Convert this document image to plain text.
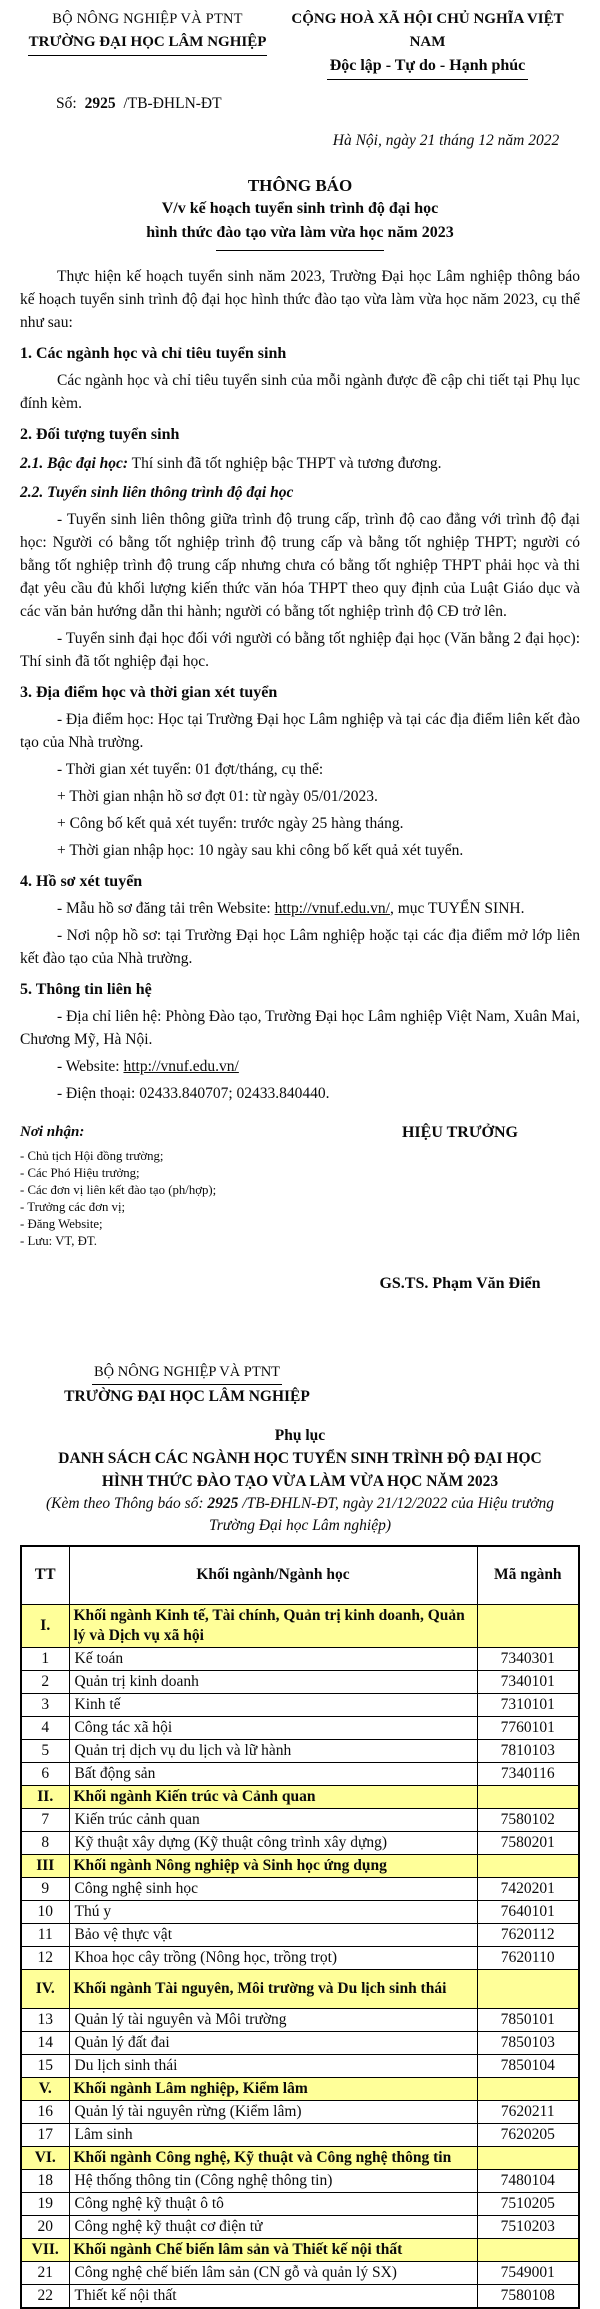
BỘ NÔNG NGHIỆP VÀ PTNT
TRƯỜNG ĐẠI HỌC LÂM NGHIỆP
CỘNG HOÀ XÃ HỘI CHỦ NGHĨA VIỆT NAM
Độc lập - Tự do - Hạnh phúc
Số: 2925 /TB-ĐHLN-ĐT
Hà Nội, ngày 21 tháng 12 năm 2022
THÔNG BÁO
V/v kế hoạch tuyển sinh trình độ đại học
hình thức đào tạo vừa làm vừa học năm 2023

Thực hiện kế hoạch tuyển sinh năm 2023, Trường Đại học Lâm nghiệp thông báo kế hoạch tuyển sinh trình độ đại học hình thức đào tạo vừa làm vừa học năm 2023, cụ thể như sau:

1. Các ngành học và chỉ tiêu tuyển sinh

Các ngành học và chỉ tiêu tuyển sinh của mỗi ngành được đề cập chi tiết tại Phụ lục đính kèm.

2. Đối tượng tuyển sinh

2.1. Bậc đại học: Thí sinh đã tốt nghiệp bậc THPT và tương đương.

2.2. Tuyển sinh liên thông trình độ đại học

- Tuyển sinh liên thông giữa trình độ trung cấp, trình độ cao đẳng với trình độ đại học: Người có bằng tốt nghiệp trình độ trung cấp và bằng tốt nghiệp THPT; người có bằng tốt nghiệp trình độ trung cấp nhưng chưa có bằng tốt nghiệp THPT phải học và thi đạt yêu cầu đủ khối lượng kiến thức văn hóa THPT theo quy định của Luật Giáo dục và các văn bản hướng dẫn thi hành; người có bằng tốt nghiệp trình độ CĐ trở lên.

- Tuyển sinh đại học đối với người có bằng tốt nghiệp đại học (Văn bằng 2 đại học): Thí sinh đã tốt nghiệp đại học.

3. Địa điểm học và thời gian xét tuyển

- Địa điểm học: Học tại Trường Đại học Lâm nghiệp và tại các địa điểm liên kết đào tạo của Nhà trường.

- Thời gian xét tuyển: 01 đợt/tháng, cụ thể:

+ Thời gian nhận hồ sơ đợt 01: từ ngày 05/01/2023.

+ Công bố kết quả xét tuyển: trước ngày 25 hàng tháng.

+ Thời gian nhập học: 10 ngày sau khi công bố kết quả xét tuyển.

4. Hồ sơ xét tuyển

- Mẫu hồ sơ đăng tải trên Website: http://vnuf.edu.vn/, mục TUYỂN SINH.

- Nơi nộp hồ sơ: tại Trường Đại học Lâm nghiệp hoặc tại các địa điểm mở lớp liên kết đào tạo của Nhà trường.

5. Thông tin liên hệ

- Địa chỉ liên hệ: Phòng Đào tạo, Trường Đại học Lâm nghiệp Việt Nam, Xuân Mai, Chương Mỹ, Hà Nội.

- Website: http://vnuf.edu.vn/

- Điện thoại: 02433.840707; 02433.840440.

Nơi nhận:
- Chủ tịch Hội đồng trường;
- Các Phó Hiệu trưởng;
- Các đơn vị liên kết đào tạo (ph/hợp);
- Trưởng các đơn vị;
- Đăng Website;
- Lưu: VT, ĐT.
HIỆU TRƯỞNG
GS.TS. Phạm Văn Điển
BỘ NÔNG NGHIỆP VÀ PTNT
TRƯỜNG ĐẠI HỌC LÂM NGHIỆP
Phụ lục
DANH SÁCH CÁC NGÀNH HỌC TUYỂN SINH TRÌNH ĐỘ ĐẠI HỌC
HÌNH THỨC ĐÀO TẠO VỪA LÀM VỪA HỌC NĂM 2023
(Kèm theo Thông báo số: 2925 /TB-ĐHLN-ĐT, ngày 21/12/2022 của Hiệu trưởng
Trường Đại học Lâm nghiệp)
TT	Khối ngành/Ngành học	Mã ngành
I.	Khối ngành Kinh tế, Tài chính, Quản trị kinh doanh, Quản lý và Dịch vụ xã hội	
1	Kế toán	7340301
2	Quản trị kinh doanh	7340101
3	Kinh tế	7310101
4	Công tác xã hội	7760101
5	Quản trị dịch vụ du lịch và lữ hành	7810103
6	Bất động sản	7340116
II.	Khối ngành Kiến trúc và Cảnh quan	
7	Kiến trúc cảnh quan	7580102
8	Kỹ thuật xây dựng (Kỹ thuật công trình xây dựng)	7580201
III	Khối ngành Nông nghiệp và Sinh học ứng dụng	
9	Công nghệ sinh học	7420201
10	Thú y	7640101
11	Bảo vệ thực vật	7620112
12	Khoa học cây trồng (Nông học, trồng trọt)	7620110
IV.	Khối ngành Tài nguyên, Môi trường và Du lịch sinh thái	
13	Quản lý tài nguyên và Môi trường	7850101
14	Quản lý đất đai	7850103
15	Du lịch sinh thái	7850104
V.	Khối ngành Lâm nghiệp, Kiểm lâm	
16	Quản lý tài nguyên rừng (Kiểm lâm)	7620211
17	Lâm sinh	7620205
VI.	Khối ngành Công nghệ, Kỹ thuật và Công nghệ thông tin	
18	Hệ thống thông tin (Công nghệ thông tin)	7480104
19	Công nghệ kỹ thuật ô tô	7510205
20	Công nghệ kỹ thuật cơ điện tử	7510203
VII.	Khối ngành Chế biến lâm sản và Thiết kế nội thất	
21	Công nghệ chế biến lâm sản (CN gỗ và quản lý SX)	7549001
22	Thiết kế nội thất	7580108
